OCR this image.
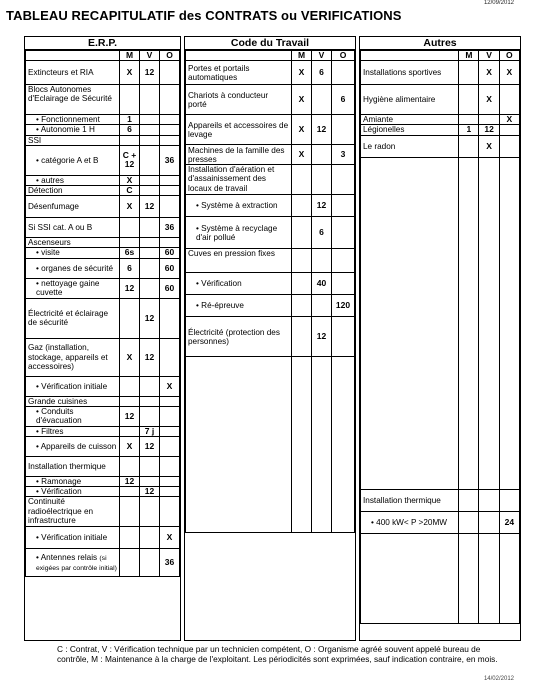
12/09/2012
TABLEAU RECAPITULATIF des CONTRATS ou VERIFICATIONS
E.R.P.
	M	V	O
Extincteurs et RIA	X	12	
Blocs Autonomes d'Eclairage de Sécurité			
• Fonctionnement	1		
• Autonomie 1 H	6		
SSI			
• catégorie A et B	C + 12		36
• autres	X		
Détection	C		
Désenfumage	X	12	
Si SSI cat. A ou B			36
Ascenseurs			
• visite	6s		60
• organes de sécurité	6		60
• nettoyage gaine cuvette	12		60
Électricité et éclairage de sécurité		12	
Gaz (installation, stockage, appareils et accessoires)	X	12	
• Vérification initiale			X
Grande cuisines			
• Conduits d'évacuation	12		
• Filtres		7 j	
• Appareils de cuisson	X	12	
Installation thermique			
• Ramonage	12		
• Vérification		12	
Continuité radioélectrique en infrastructure			
• Vérification initiale			X
• Antennes relais (si exigées par contrôle initial)			36
Code du Travail
	M	V	O
Portes et portails automatiques	X	6	
Chariots à conducteur porté	X		6
Appareils et accessoires de levage	X	12	
Machines de la famille des presses	X		3
Installation d'aération et d'assainissement des locaux de travail			
• Système à extraction		12	
• Système à recyclage d'air pollué		6	
Cuves en pression fixes			
• Vérification		40	
• Ré-épreuve			120
Électricité (protection des personnes)		12	

Autres
	M	V	O
Installations sportives		X	X
Hygiène alimentaire		X	
Amiante			X
Légionelles	1	12	
Le radon		X	

Installation thermique			
• 400 kW< P >20MW			24

C : Contrat, V : Vérification technique par un technicien compétent, O : Organisme agréé souvent appelé bureau de contrôle, M : Maintenance à la charge de l'exploitant. Les périodicités sont exprimées, sauf indication contraire, en mois.
14/02/2012
